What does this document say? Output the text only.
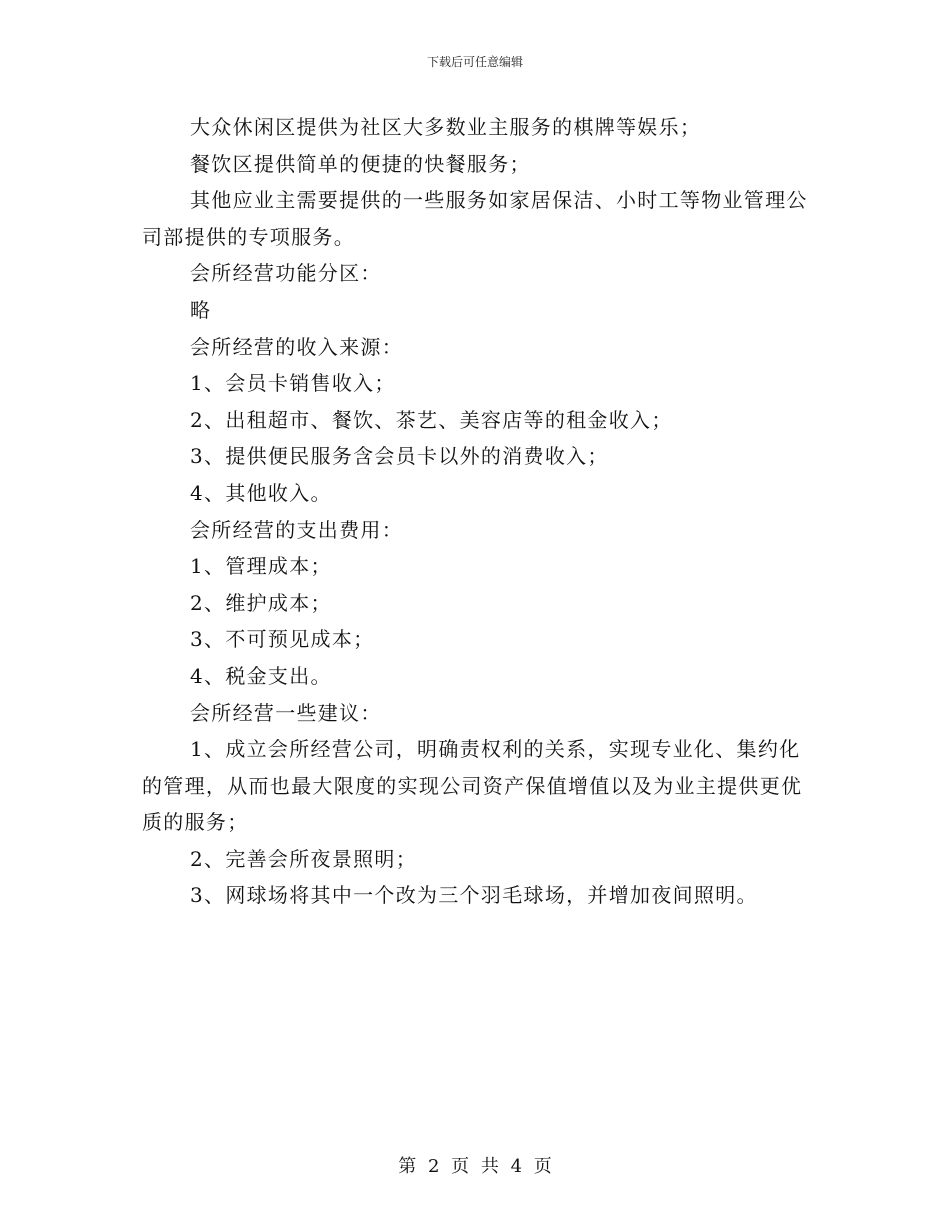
下载后可任意编辑

大众休闲区提供为社区大多数业主服务的棋牌等娱乐；

餐饮区提供简单的便捷的快餐服务；

其他应业主需要提供的一些服务如家居保洁、小时工等物业管理公司部提供的专项服务。

会所经营功能分区：

略

会所经营的收入来源：

1、会员卡销售收入；

2、出租超市、餐饮、茶艺、美容店等的租金收入；

3、提供便民服务含会员卡以外的消费收入；

4、其他收入。

会所经营的支出费用：

1、管理成本；

2、维护成本；

3、不可预见成本；

4、税金支出。

会所经营一些建议：

1、成立会所经营公司，明确责权利的关系，实现专业化、集约化的管理，从而也最大限度的实现公司资产保值增值以及为业主提供更优质的服务；

2、完善会所夜景照明；

3、网球场将其中一个改为三个羽毛球场，并增加夜间照明。

第 2 页 共 4 页
